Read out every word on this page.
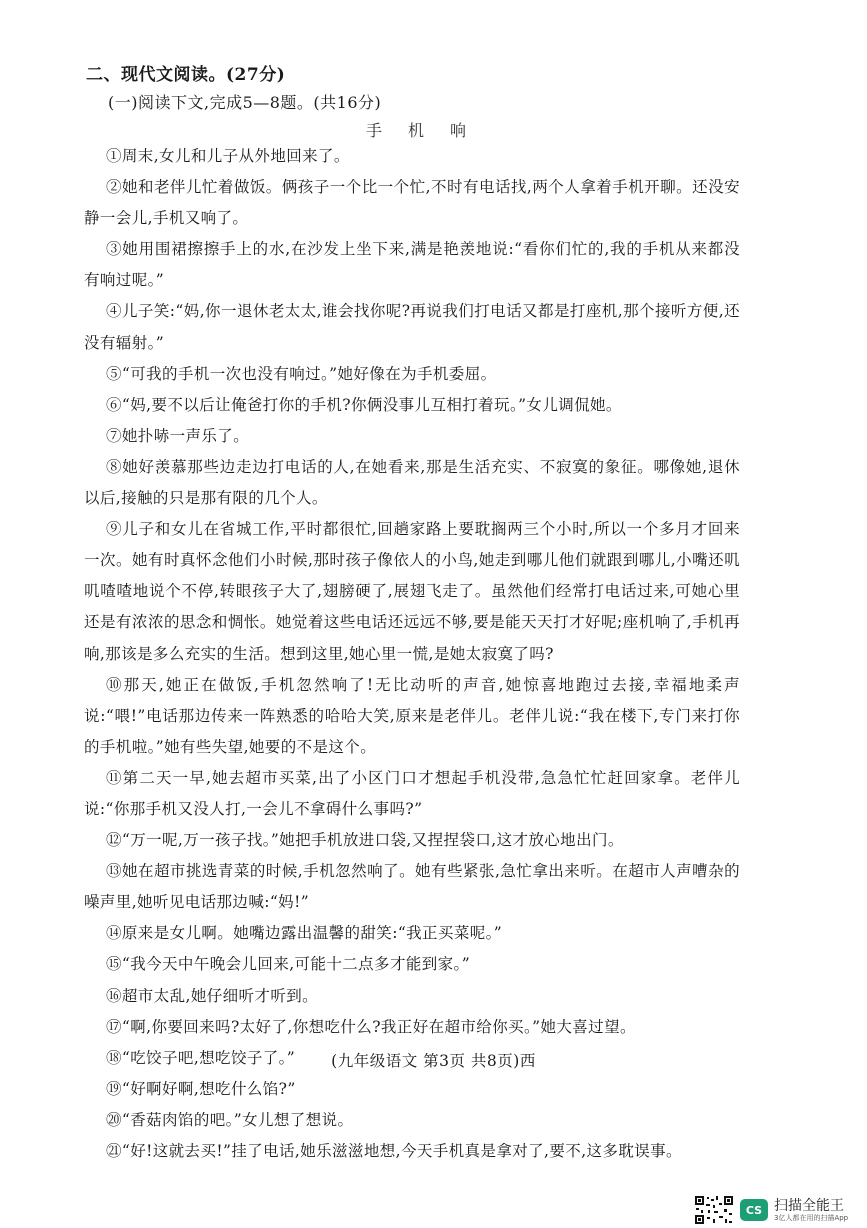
二、现代文阅读。(27分)
(一)阅读下文,完成5—8题。(共16分)
手机响

①周末,女儿和儿子从外地回来了。

②她和老伴儿忙着做饭。俩孩子一个比一个忙,不时有电话找,两个人拿着手机开聊。还没安静一会儿,手机又响了。

③她用围裙擦擦手上的水,在沙发上坐下来,满是艳羡地说:“看你们忙的,我的手机从来都没有响过呢。”

④儿子笑:“妈,你一退休老太太,谁会找你呢?再说我们打电话又都是打座机,那个接听方便,还没有辐射。”

⑤“可我的手机一次也没有响过。”她好像在为手机委屈。

⑥“妈,要不以后让俺爸打你的手机?你俩没事儿互相打着玩。”女儿调侃她。

⑦她扑哧一声乐了。

⑧她好羡慕那些边走边打电话的人,在她看来,那是生活充实、不寂寞的象征。哪像她,退休以后,接触的只是那有限的几个人。

⑨儿子和女儿在省城工作,平时都很忙,回趟家路上要耽搁两三个小时,所以一个多月才回来一次。她有时真怀念他们小时候,那时孩子像依人的小鸟,她走到哪儿他们就跟到哪儿,小嘴还叽叽喳喳地说个不停,转眼孩子大了,翅膀硬了,展翅飞走了。虽然他们经常打电话过来,可她心里还是有浓浓的思念和惆怅。她觉着这些电话还远远不够,要是能天天打才好呢;座机响了,手机再响,那该是多么充实的生活。想到这里,她心里一慌,是她太寂寞了吗?

⑩那天,她正在做饭,手机忽然响了!无比动听的声音,她惊喜地跑过去接,幸福地柔声说:“喂!”电话那边传来一阵熟悉的哈哈大笑,原来是老伴儿。老伴儿说:“我在楼下,专门来打你的手机啦。”她有些失望,她要的不是这个。

⑪第二天一早,她去超市买菜,出了小区门口才想起手机没带,急急忙忙赶回家拿。老伴儿说:“你那手机又没人打,一会儿不拿碍什么事吗?”

⑫“万一呢,万一孩子找。”她把手机放进口袋,又捏捏袋口,这才放心地出门。

⑬她在超市挑选青菜的时候,手机忽然响了。她有些紧张,急忙拿出来听。在超市人声嘈杂的噪声里,她听见电话那边喊:“妈!”

⑭原来是女儿啊。她嘴边露出温馨的甜笑:“我正买菜呢。”

⑮“我今天中午晚会儿回来,可能十二点多才能到家。”

⑯超市太乱,她仔细听才听到。

⑰“啊,你要回来吗?太好了,你想吃什么?我正好在超市给你买。”她大喜过望。

⑱“吃饺子吧,想吃饺子了。”

⑲“好啊好啊,想吃什么馅?”

⑳“香菇肉馅的吧。”女儿想了想说。

㉑“好!这就去买!”挂了电话,她乐滋滋地想,今天手机真是拿对了,要不,这多耽误事。

(九年级语文 第3页 共8页)西
CS 扫描全能王
3亿人都在用的扫描App
